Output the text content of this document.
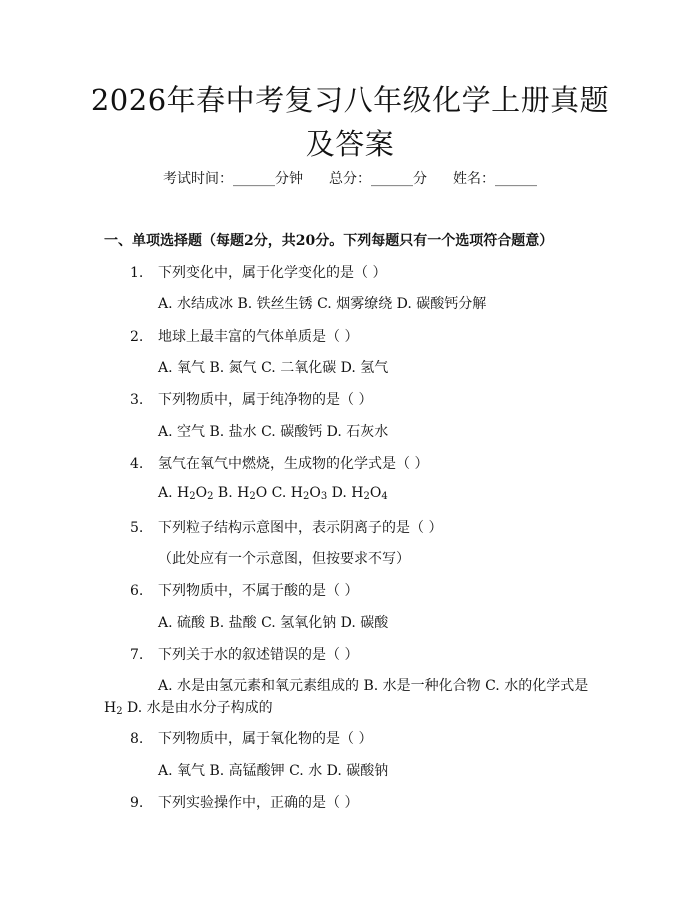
2026年春中考复习八年级化学上册真题及答案
考试时间：______分钟 总分：______分 姓名：______
一、单项选择题（每题2分，共20分。下列每题只有一个选项符合题意）
1. 下列变化中，属于化学变化的是（ ）
A. 水结成冰 B. 铁丝生锈 C. 烟雾缭绕 D. 碳酸钙分解
2. 地球上最丰富的气体单质是（ ）
A. 氧气 B. 氮气 C. 二氧化碳 D. 氢气
3. 下列物质中，属于纯净物的是（ ）
A. 空气 B. 盐水 C. 碳酸钙 D. 石灰水
4. 氢气在氧气中燃烧，生成物的化学式是（ ）
A. $H_2O_2$ B. $H_2O$ C. $H_2O_3$ D. $H_2O_4$
5. 下列粒子结构示意图中，表示阴离子的是（ ）
（此处应有一个示意图，但按要求不写）
6. 下列物质中，不属于酸的是（ ）
A. 硫酸 B. 盐酸 C. 氢氧化钠 D. 碳酸
7. 下列关于水的叙述错误的是（ ）
A. 水是由氢元素和氧元素组成的 B. 水是一种化合物 C. 水的化学式是 $H_2$ D. 水是由水分子构成的
8. 下列物质中，属于氧化物的是（ ）
A. 氧气 B. 高锰酸钾 C. 水 D. 碳酸钠
9. 下列实验操作中，正确的是（ ）
